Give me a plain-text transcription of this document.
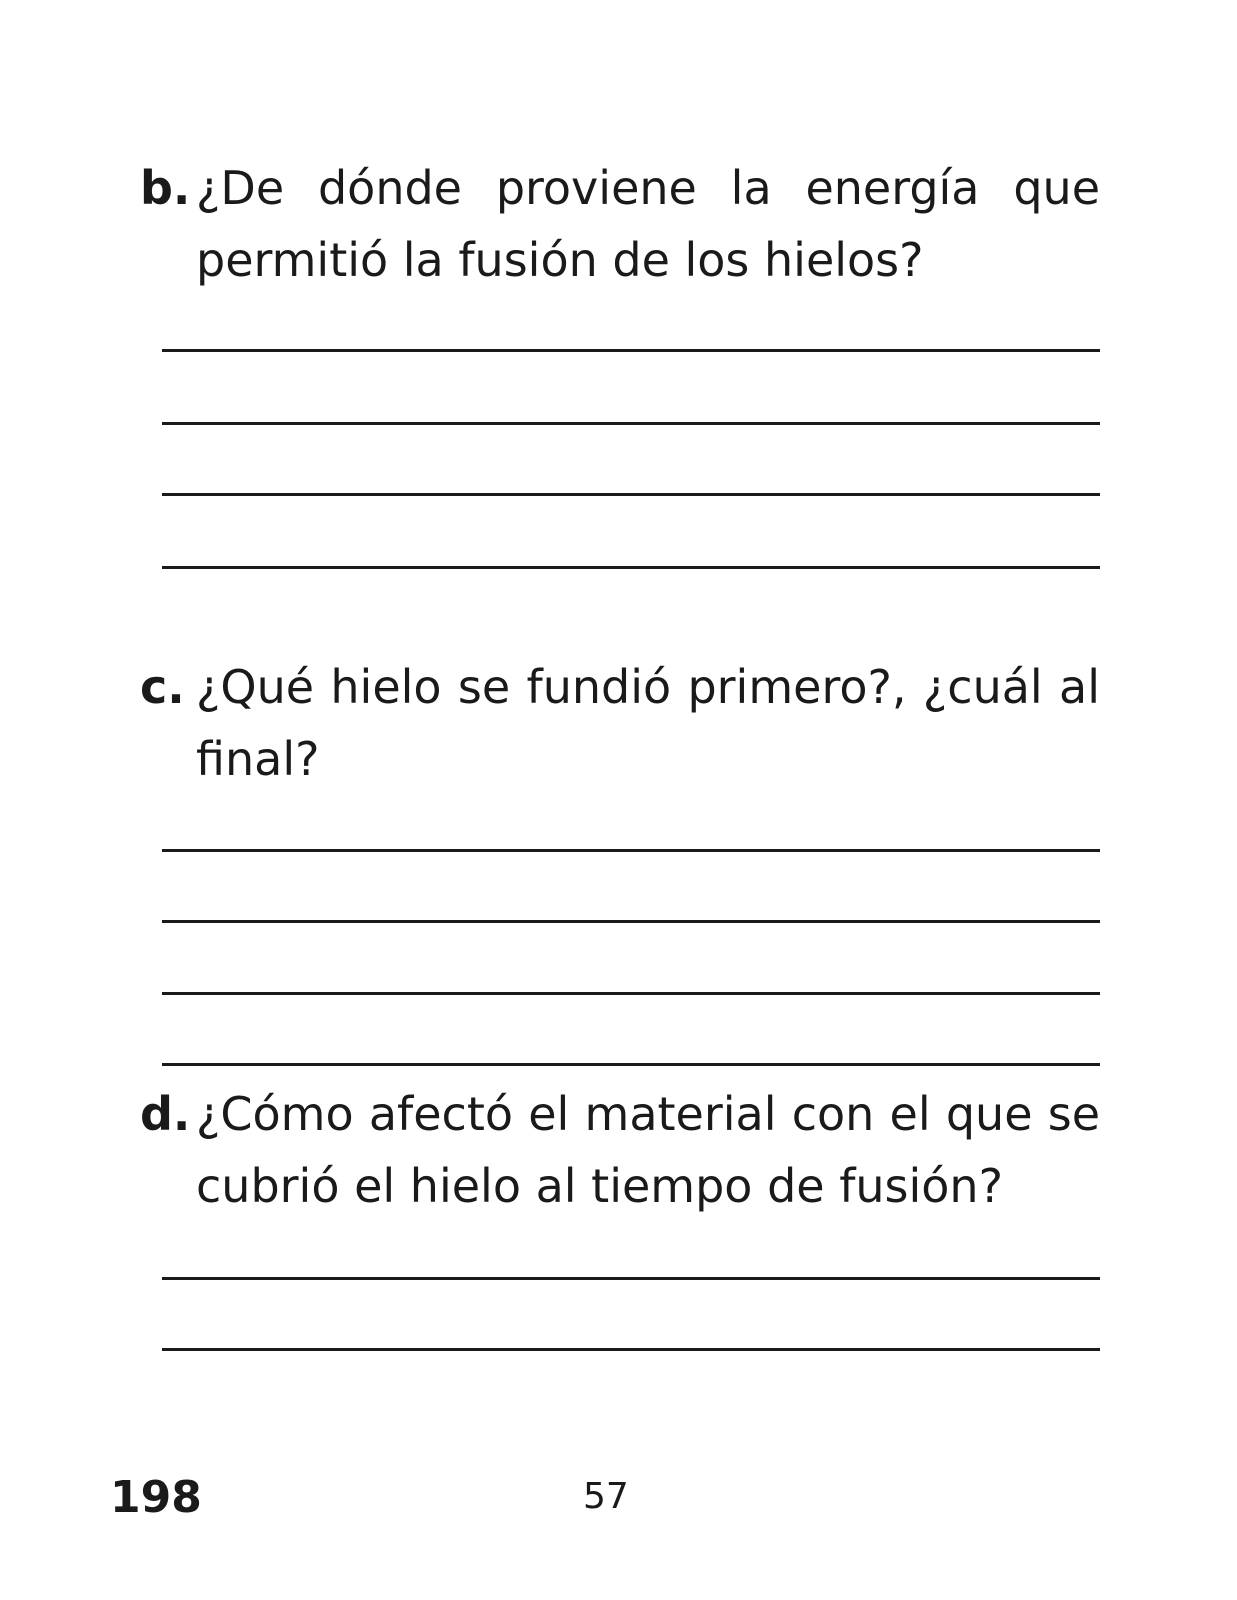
b. ¿De dónde proviene la energía que permitió la fusión de los hielos?
c. ¿Qué hielo se fundió primero?, ¿cuál al final?
d. ¿Cómo afectó el material con el que se cubrió el hielo al tiempo de fusión?
198	57
